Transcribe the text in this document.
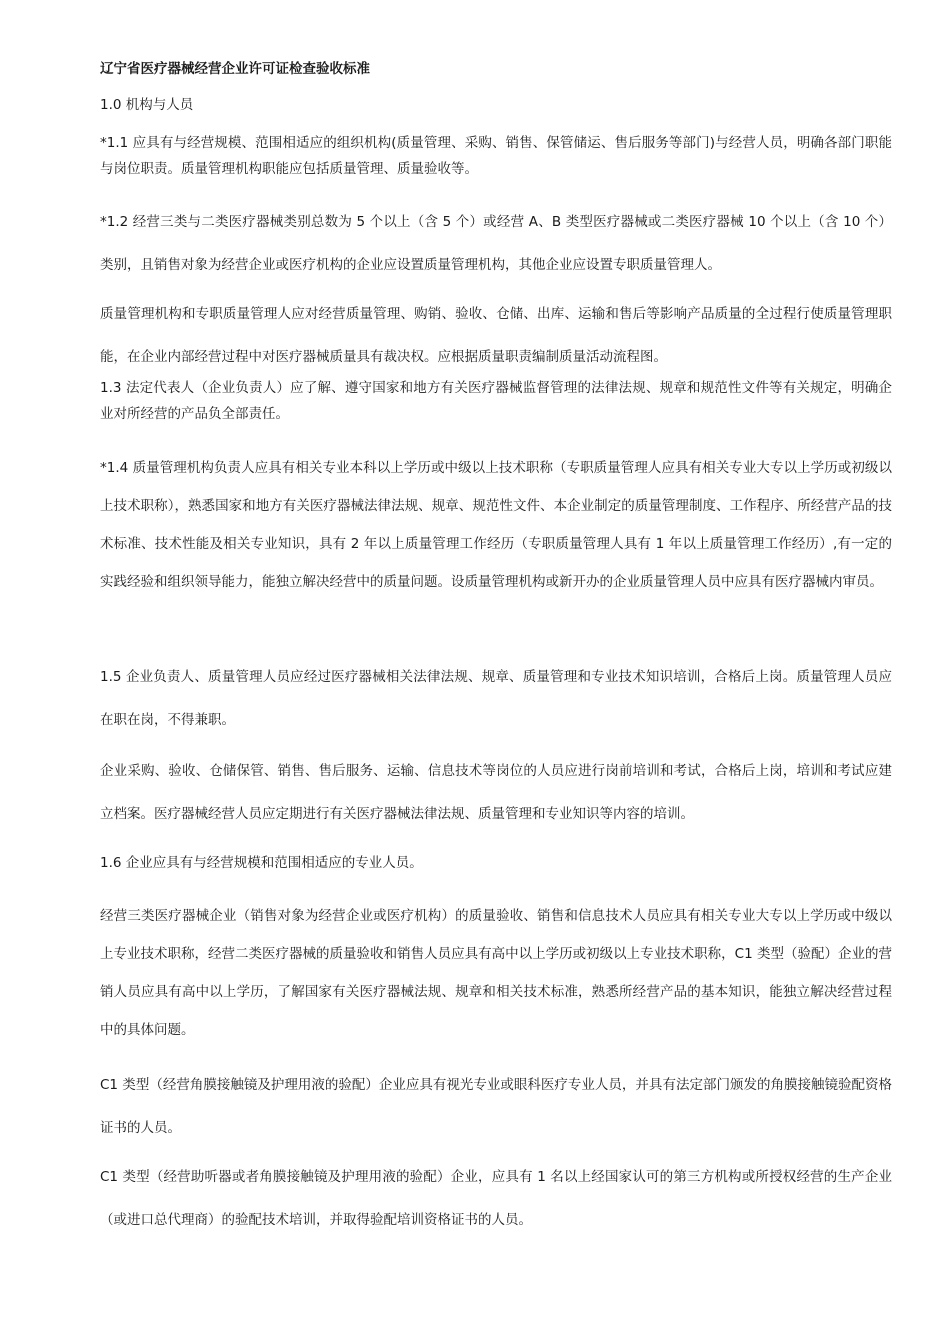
辽宁省医疗器械经营企业许可证检查验收标准
1.0 机构与人员
*1.1 应具有与经营规模、范围相适应的组织机构(质量管理、采购、销售、保管储运、售后服务等部门)与经营人员，明确各部门职能与岗位职责。质量管理机构职能应包括质量管理、质量验收等。
*1.2 经营三类与二类医疗器械类别总数为 5 个以上（含 5 个）或经营 A、B 类型医疗器械或二类医疗器械 10 个以上（含 10 个）类别，且销售对象为经营企业或医疗机构的企业应设置质量管理机构，其他企业应设置专职质量管理人。
质量管理机构和专职质量管理人应对经营质量管理、购销、验收、仓储、出库、运输和售后等影响产品质量的全过程行使质量管理职能，在企业内部经营过程中对医疗器械质量具有裁决权。应根据质量职责编制质量活动流程图。
1.3 法定代表人（企业负责人）应了解、遵守国家和地方有关医疗器械监督管理的法律法规、规章和规范性文件等有关规定，明确企业对所经营的产品负全部责任。
*1.4 质量管理机构负责人应具有相关专业本科以上学历或中级以上技术职称（专职质量管理人应具有相关专业大专以上学历或初级以上技术职称），熟悉国家和地方有关医疗器械法律法规、规章、规范性文件、本企业制定的质量管理制度、工作程序、所经营产品的技术标准、技术性能及相关专业知识，具有 2 年以上质量管理工作经历（专职质量管理人具有 1 年以上质量管理工作经历）,有一定的实践经验和组织领导能力，能独立解决经营中的质量问题。设质量管理机构或新开办的企业质量管理人员中应具有医疗器械内审员。
1.5 企业负责人、质量管理人员应经过医疗器械相关法律法规、规章、质量管理和专业技术知识培训，合格后上岗。质量管理人员应在职在岗，不得兼职。
企业采购、验收、仓储保管、销售、售后服务、运输、信息技术等岗位的人员应进行岗前培训和考试，合格后上岗，培训和考试应建立档案。医疗器械经营人员应定期进行有关医疗器械法律法规、质量管理和专业知识等内容的培训。
1.6 企业应具有与经营规模和范围相适应的专业人员。
经营三类医疗器械企业（销售对象为经营企业或医疗机构）的质量验收、销售和信息技术人员应具有相关专业大专以上学历或中级以上专业技术职称，经营二类医疗器械的质量验收和销售人员应具有高中以上学历或初级以上专业技术职称，C1 类型（验配）企业的营销人员应具有高中以上学历，了解国家有关医疗器械法规、规章和相关技术标准，熟悉所经营产品的基本知识，能独立解决经营过程中的具体问题。
C1 类型（经营角膜接触镜及护理用液的验配）企业应具有视光专业或眼科医疗专业人员，并具有法定部门颁发的角膜接触镜验配资格证书的人员。
C1 类型（经营助听器或者角膜接触镜及护理用液的验配）企业，应具有 1 名以上经国家认可的第三方机构或所授权经营的生产企业（或进口总代理商）的验配技术培训，并取得验配培训资格证书的人员。
